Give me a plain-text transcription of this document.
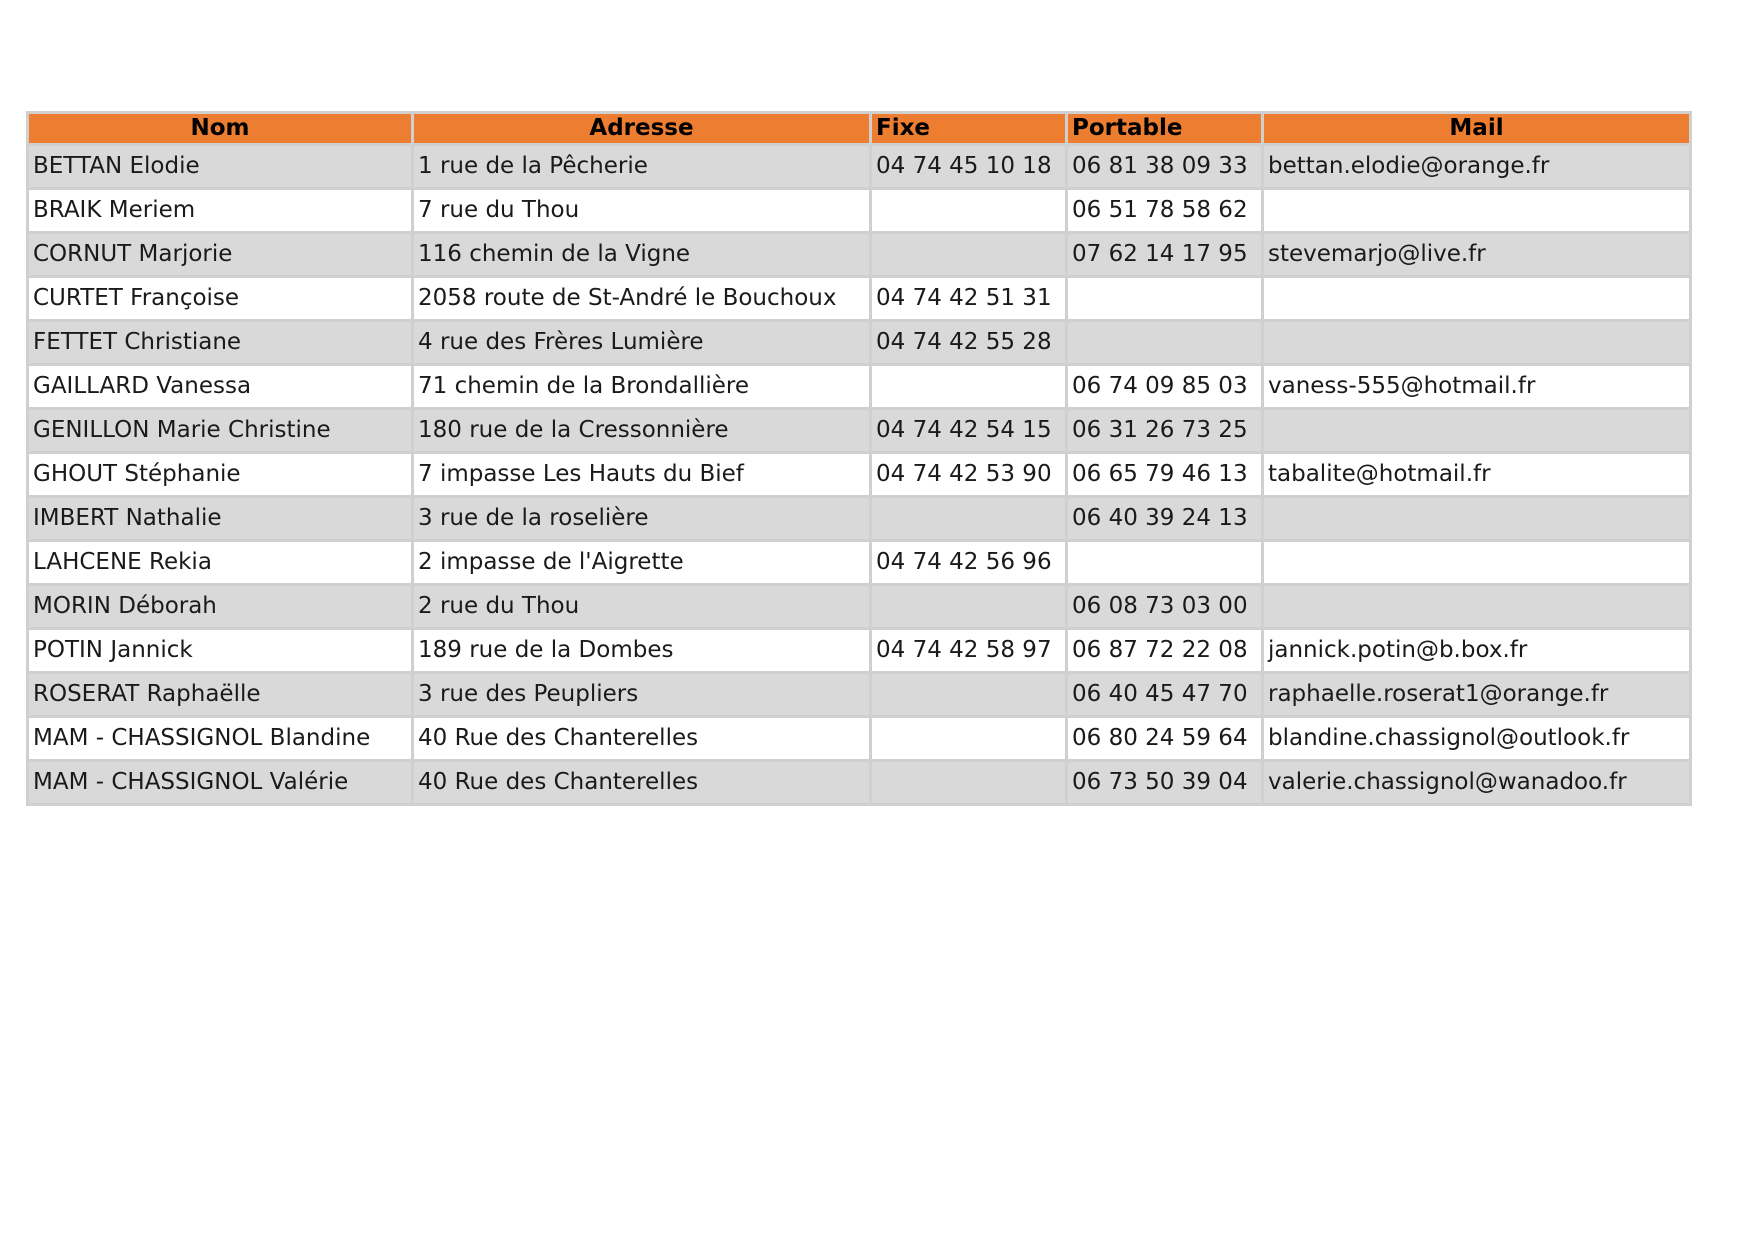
Nom	Adresse	Fixe	Portable	Mail
BETTAN Elodie	1 rue de la Pêcherie	04 74 45 10 18	06 81 38 09 33	bettan.elodie@orange.fr
BRAIK Meriem	7 rue du Thou		06 51 78 58 62	
CORNUT Marjorie	116 chemin de la Vigne		07 62 14 17 95	stevemarjo@live.fr
CURTET Françoise	2058 route de St-André le Bouchoux	04 74 42 51 31		
FETTET Christiane	4 rue des Frères Lumière	04 74 42 55 28		
GAILLARD Vanessa	71 chemin de la Brondallière		06 74 09 85 03	vaness-555@hotmail.fr
GENILLON Marie Christine	180 rue de la Cressonnière	04 74 42 54 15	06 31 26 73 25	
GHOUT Stéphanie	7 impasse Les Hauts du Bief	04 74 42 53 90	06 65 79 46 13	tabalite@hotmail.fr
IMBERT Nathalie	3 rue de la roselière		06 40 39 24 13	
LAHCENE Rekia	2 impasse de l'Aigrette	04 74 42 56 96		
MORIN Déborah	2 rue du Thou		06 08 73 03 00	
POTIN Jannick	189 rue de la Dombes	04 74 42 58 97	06 87 72 22 08	jannick.potin@b.box.fr
ROSERAT Raphaëlle	3 rue des Peupliers		06 40 45 47 70	raphaelle.roserat1@orange.fr
MAM - CHASSIGNOL Blandine	40 Rue des Chanterelles		06 80 24 59 64	blandine.chassignol@outlook.fr
MAM - CHASSIGNOL Valérie	40 Rue des Chanterelles		06 73 50 39 04	valerie.chassignol@wanadoo.fr
